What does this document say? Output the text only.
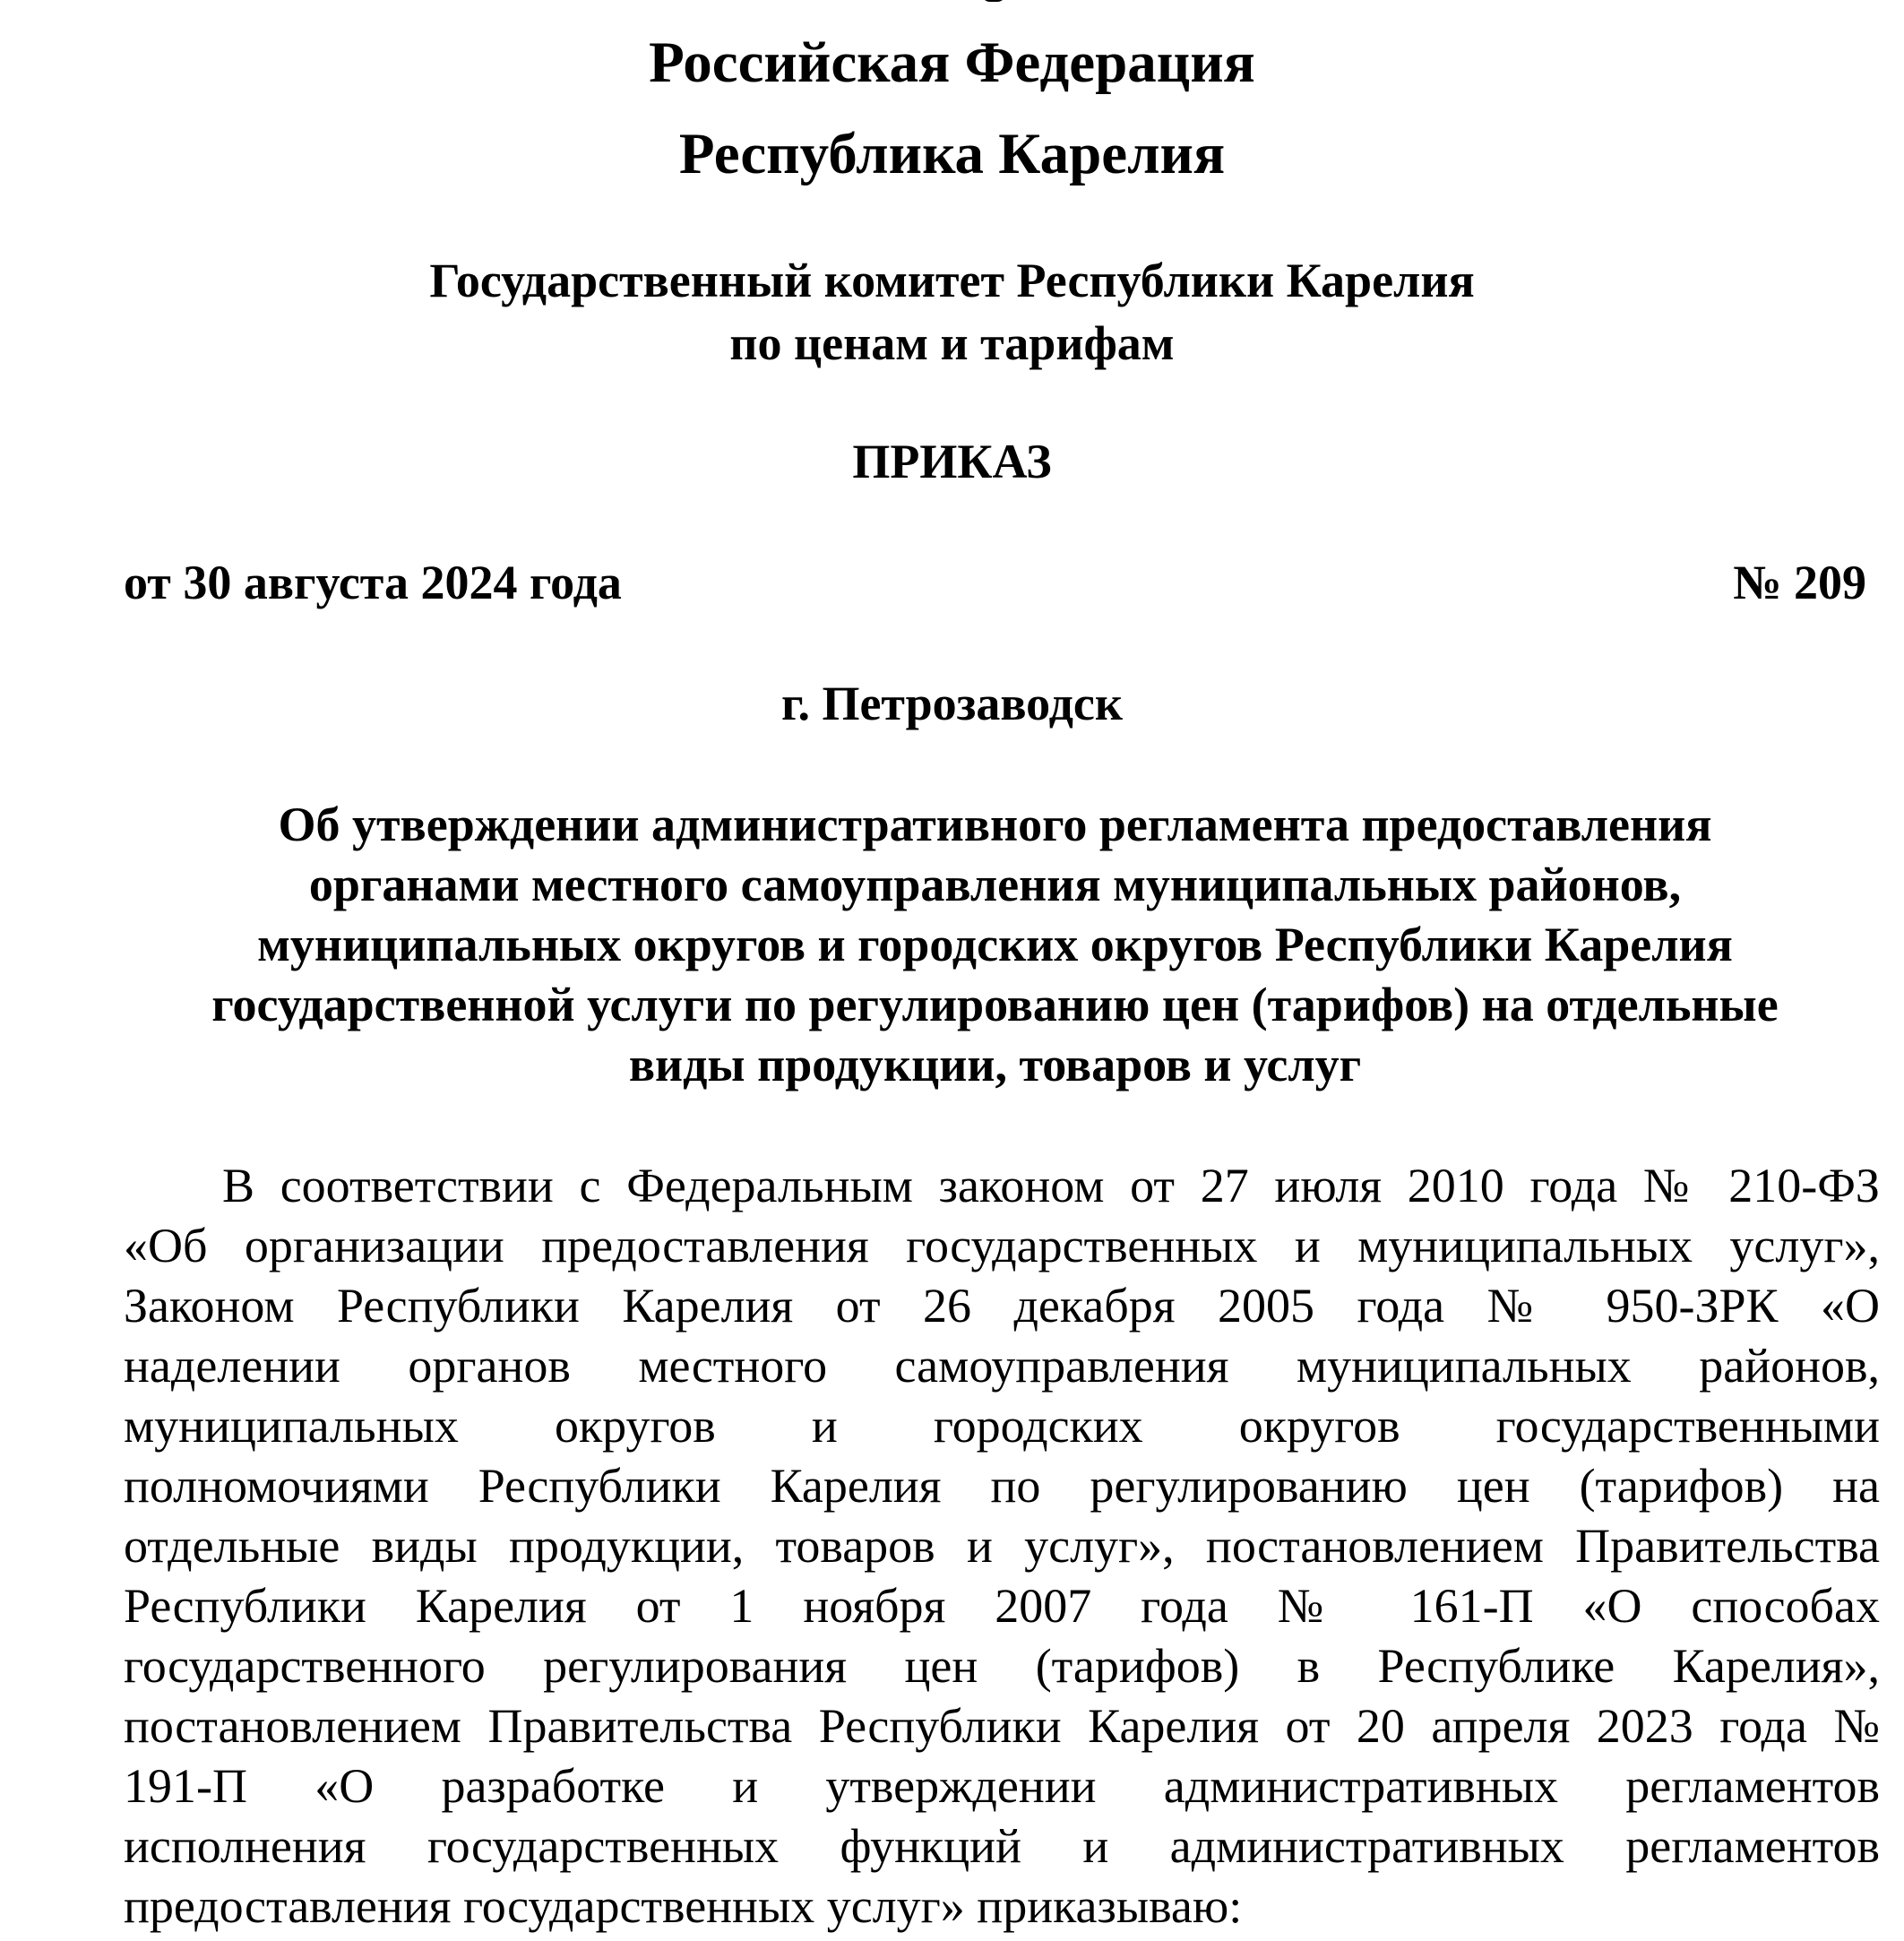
Российская Федерация
Республика Карелия
Государственный комитет Республики Карелия
по ценам и тарифам
ПРИКАЗ
от 30 августа 2024 года	№ 209
г. Петрозаводск
Об утверждении административного регламента предоставления
органами местного самоуправления муниципальных районов,
муниципальных округов и городских округов Республики Карелия
государственной услуги по регулированию цен (тарифов) на отдельные
виды продукции, товаров и услуг
В соответствии с Федеральным законом от 27 июля 2010 года № 210-ФЗ
«Об организации предоставления государственных и муниципальных услуг»,
Законом Республики Карелия от 26 декабря 2005 года № 950-ЗРК «О
наделении органов местного самоуправления муниципальных районов,
муниципальных округов и городских округов государственными
полномочиями Республики Карелия по регулированию цен (тарифов) на
отдельные виды продукции, товаров и услуг», постановлением Правительства
Республики Карелия от 1 ноября 2007 года № 161-П «О способах
государственного регулирования цен (тарифов) в Республике Карелия»,
постановлением Правительства Республики Карелия от 20 апреля 2023 года №
191-П «О разработке и утверждении административных регламентов
исполнения государственных функций и административных регламентов
предоставления государственных услуг» приказываю:
